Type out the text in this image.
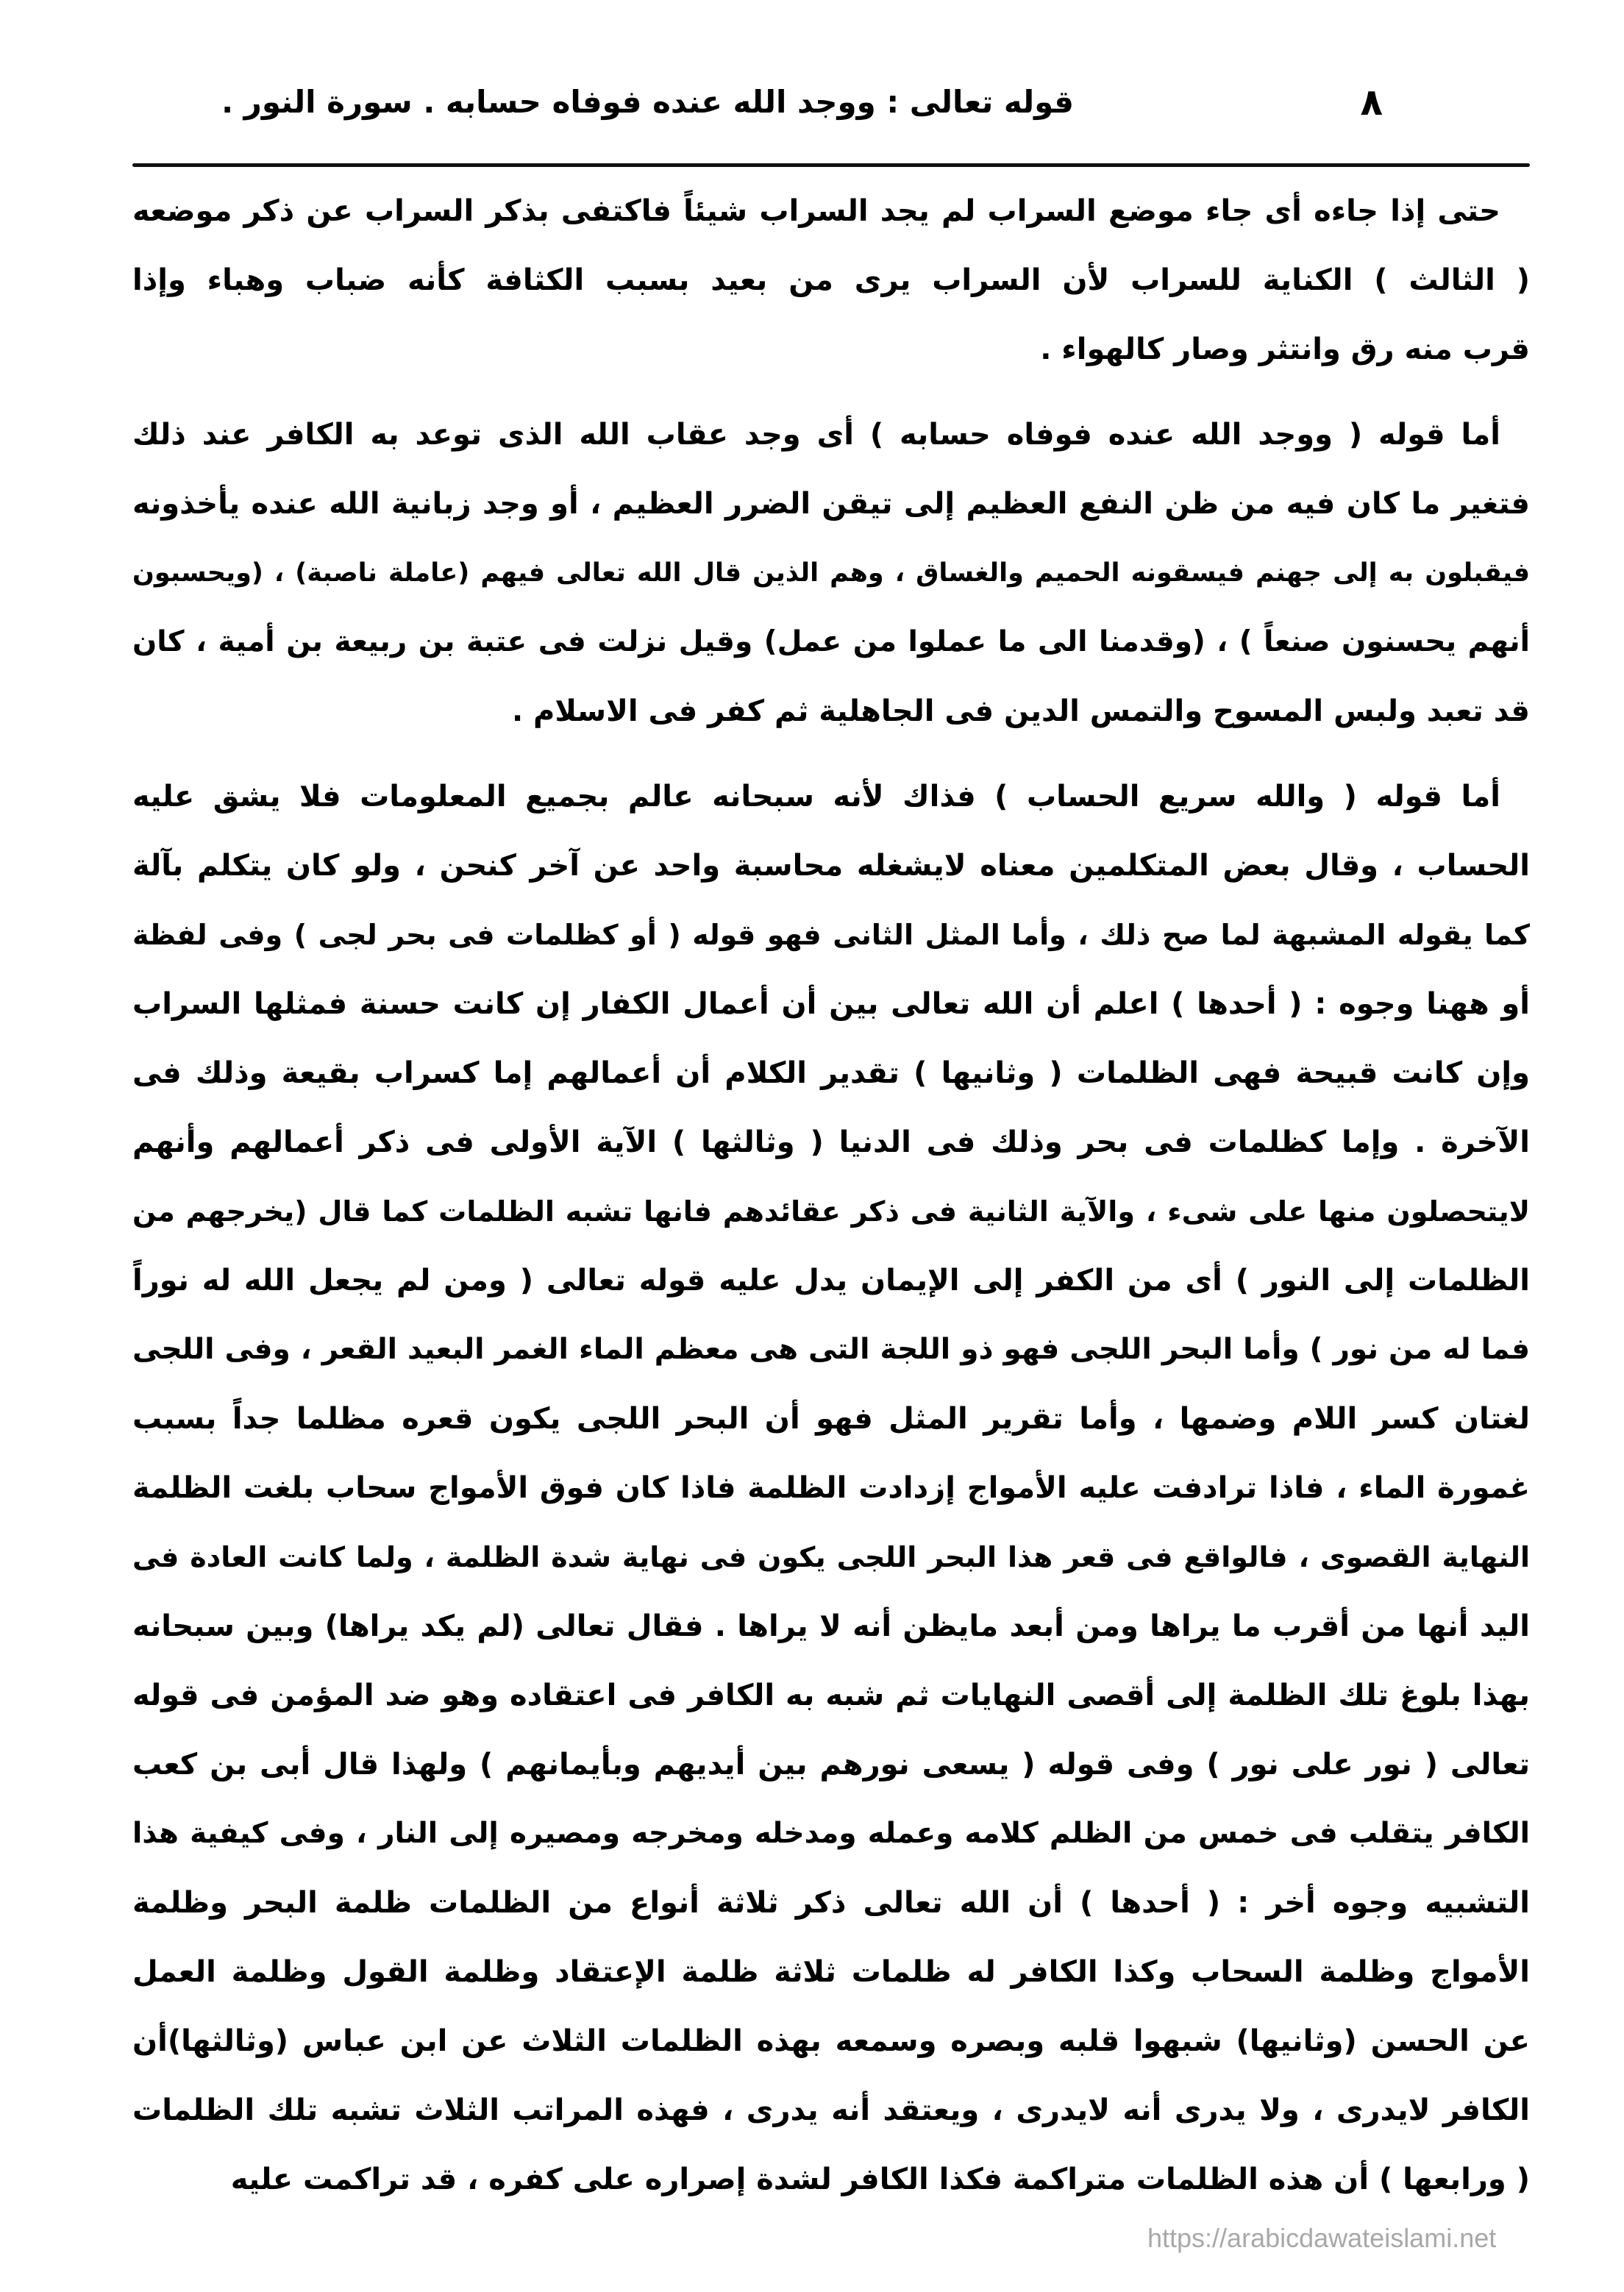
٨
قوله تعالى : ووجد الله عنده فوفاه حسابه . سورة النور .
حتى إذا جاءه أى جاء موضع السراب لم يجد السراب شيئاً فاكتفى بذكر السراب عن ذكر موضعه
( الثالث ) الكناية للسراب لأن السراب يرى من بعيد بسبب الكثافة كأنه ضباب وهباء وإذا
قرب منه رق وانتثر وصار كالهواء .
أما قوله ( ووجد الله عنده فوفاه حسابه ) أى وجد عقاب الله الذى توعد به الكافر عند ذلك
فتغير ما كان فيه من ظن النفع العظيم إلى تيقن الضرر العظيم ، أو وجد زبانية الله عنده يأخذونه
فيقبلون به إلى جهنم فيسقونه الحميم والغساق ، وهم الذين قال الله تعالى فيهم (عاملة ناصبة) ، (ويحسبون
أنهم يحسنون صنعاً ) ، (وقدمنا الى ما عملوا من عمل) وقيل نزلت فى عتبة بن ربيعة بن أمية ، كان
قد تعبد ولبس المسوح والتمس الدين فى الجاهلية ثم كفر فى الاسلام .
أما قوله ( والله سريع الحساب ) فذاك لأنه سبحانه عالم بجميع المعلومات فلا يشق عليه
الحساب ، وقال بعض المتكلمين معناه لايشغله محاسبة واحد عن آخر كنحن ، ولو كان يتكلم بآلة
كما يقوله المشبهة لما صح ذلك ، وأما المثل الثانى فهو قوله ( أو كظلمات فى بحر لجى ) وفى لفظة
أو ههنا وجوه : ( أحدها ) اعلم أن الله تعالى بين أن أعمال الكفار إن كانت حسنة فمثلها السراب
وإن كانت قبيحة فهى الظلمات ( وثانيها ) تقدير الكلام أن أعمالهم إما كسراب بقيعة وذلك فى
الآخرة . وإما كظلمات فى بحر وذلك فى الدنيا ( وثالثها ) الآية الأولى فى ذكر أعمالهم وأنهم
لايتحصلون منها على شىء ، والآية الثانية فى ذكر عقائدهم فانها تشبه الظلمات كما قال (يخرجهم من
الظلمات إلى النور ) أى من الكفر إلى الإيمان يدل عليه قوله تعالى ( ومن لم يجعل الله له نوراً
فما له من نور ) وأما البحر اللجى فهو ذو اللجة التى هى معظم الماء الغمر البعيد القعر ، وفى اللجى
لغتان كسر اللام وضمها ، وأما تقرير المثل فهو أن البحر اللجى يكون قعره مظلما جداً بسبب
غمورة الماء ، فاذا ترادفت عليه الأمواج إزدادت الظلمة فاذا كان فوق الأمواج سحاب بلغت الظلمة
النهاية القصوى ، فالواقع فى قعر هذا البحر اللجى يكون فى نهاية شدة الظلمة ، ولما كانت العادة فى
اليد أنها من أقرب ما يراها ومن أبعد مايظن أنه لا يراها . فقال تعالى (لم يكد يراها) وبين سبحانه
بهذا بلوغ تلك الظلمة إلى أقصى النهايات ثم شبه به الكافر فى اعتقاده وهو ضد المؤمن فى قوله
تعالى ( نور على نور ) وفى قوله ( يسعى نورهم بين أيديهم وبأيمانهم ) ولهذا قال أبى بن كعب
الكافر يتقلب فى خمس من الظلم كلامه وعمله ومدخله ومخرجه ومصيره إلى النار ، وفى كيفية هذا
التشبيه وجوه أخر : ( أحدها ) أن الله تعالى ذكر ثلاثة أنواع من الظلمات ظلمة البحر وظلمة
الأمواج وظلمة السحاب وكذا الكافر له ظلمات ثلاثة ظلمة الإعتقاد وظلمة القول وظلمة العمل
عن الحسن (وثانيها) شبهوا قلبه وبصره وسمعه بهذه الظلمات الثلاث عن ابن عباس (وثالثها)أن
الكافر لايدرى ، ولا يدرى أنه لايدرى ، ويعتقد أنه يدرى ، فهذه المراتب الثلاث تشبه تلك الظلمات
( ورابعها ) أن هذه الظلمات متراكمة فكذا الكافر لشدة إصراره على كفره ، قد تراكمت عليه
https://arabicdawateislami.net
